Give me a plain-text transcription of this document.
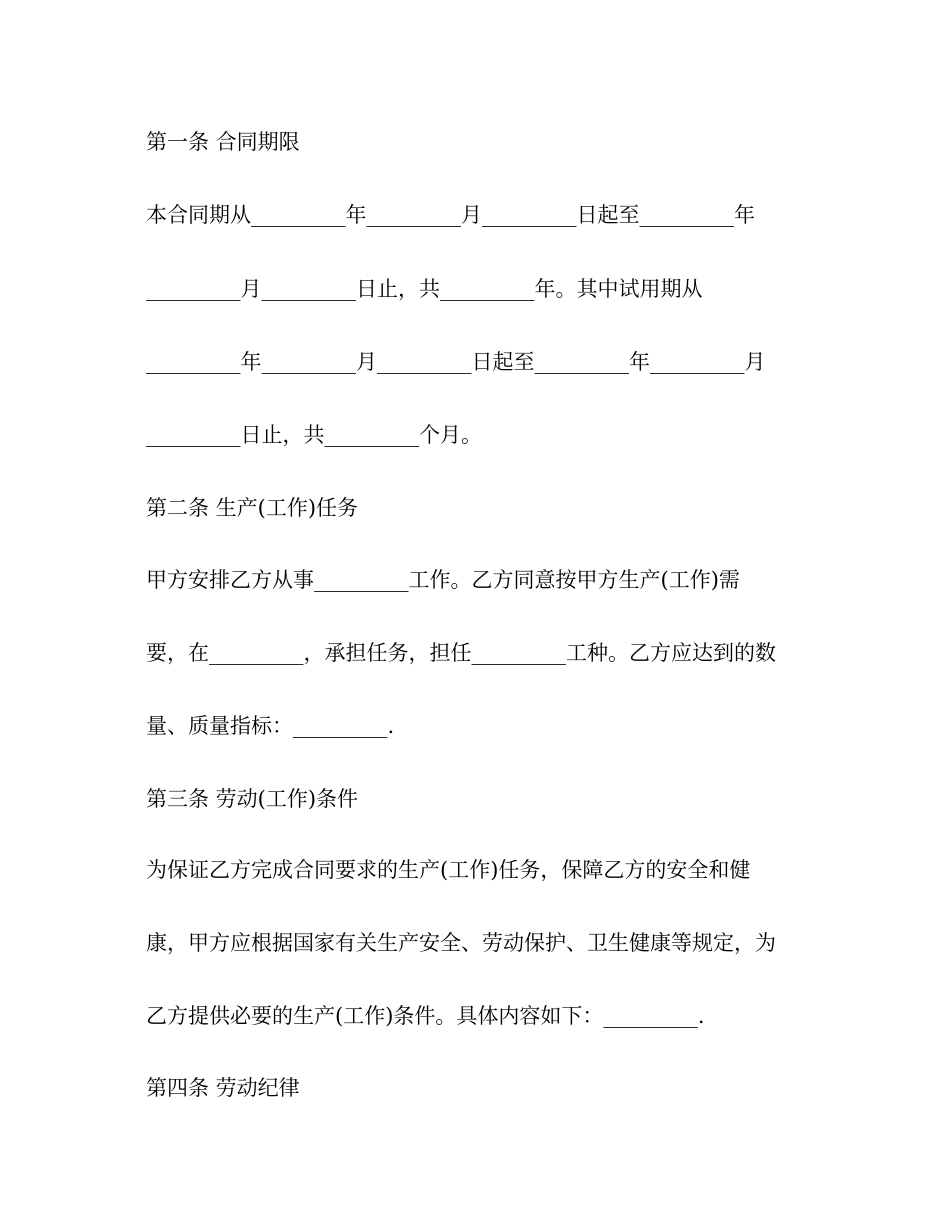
第一条 合同期限
本合同期从_________年_________月_________日起至_________年
_________月_________日止，共_________年。其中试用期从
_________年_________月_________日起至_________年_________月
_________日止，共_________个月。
第二条 生产(工作)任务
甲方安排乙方从事_________工作。乙方同意按甲方生产(工作)需
要，在_________，承担任务，担任_________工种。乙方应达到的数
量、质量指标：_________.
第三条 劳动(工作)条件
为保证乙方完成合同要求的生产(工作)任务，保障乙方的安全和健
康，甲方应根据国家有关生产安全、劳动保护、卫生健康等规定，为
乙方提供必要的生产(工作)条件。具体内容如下：_________.
第四条 劳动纪律
